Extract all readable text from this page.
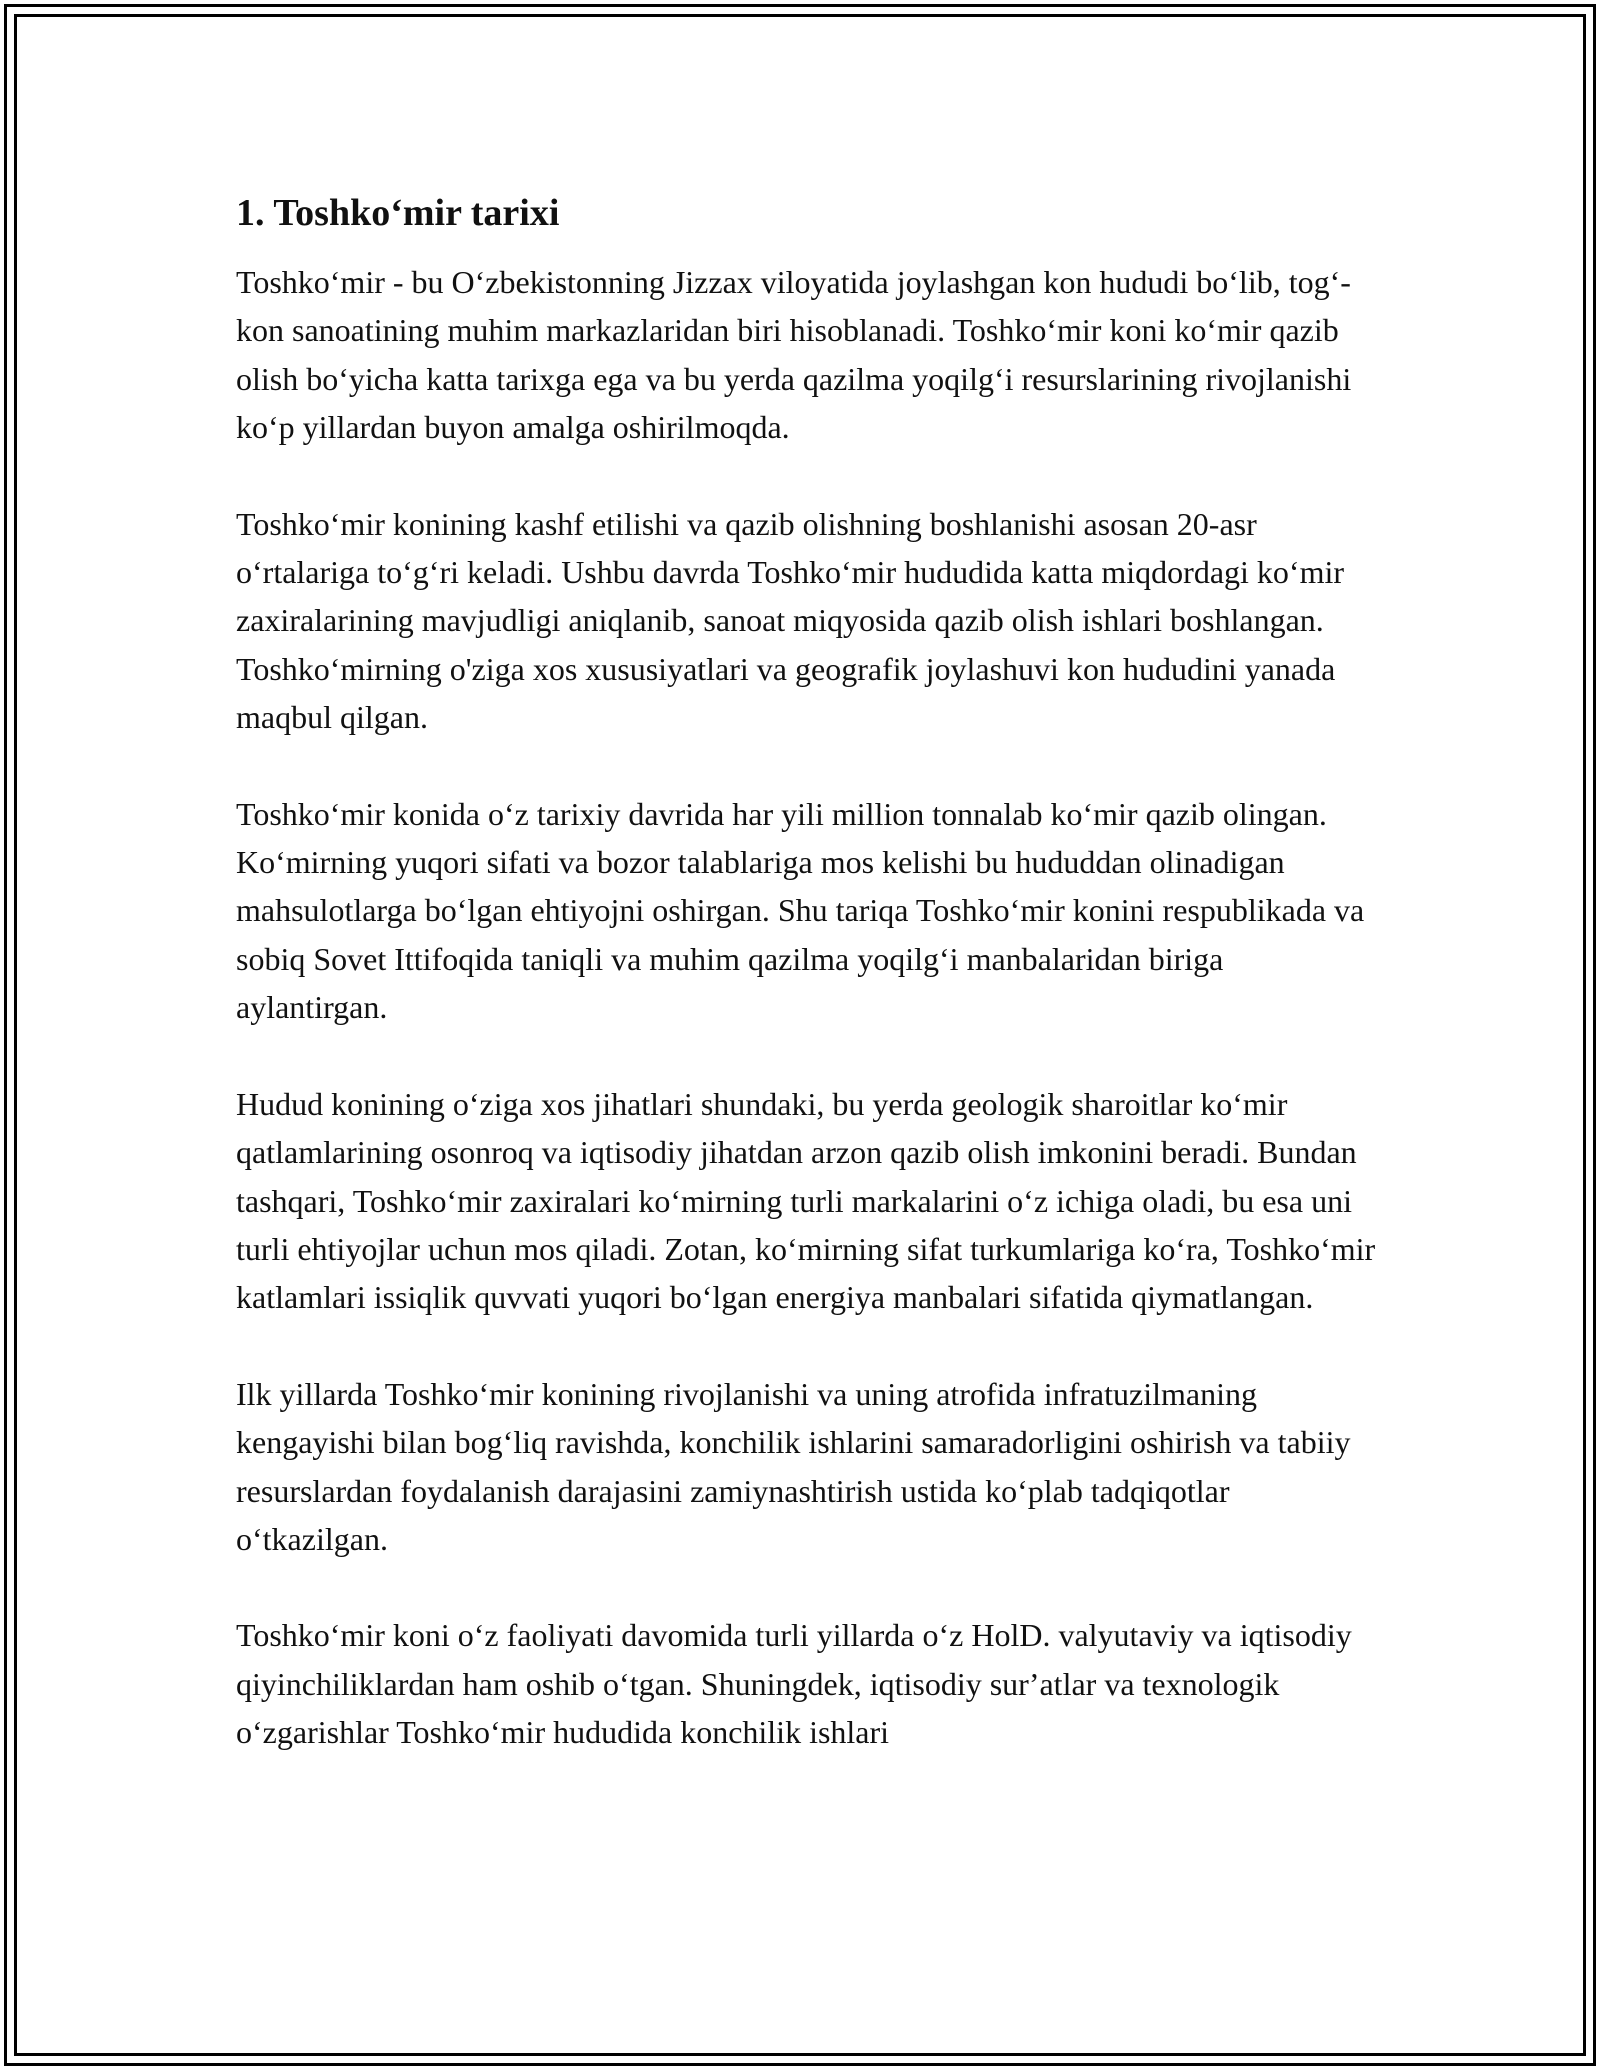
1. Toshkoʻmir tarixi

Toshkoʻmir - bu Oʻzbekistonning Jizzax viloyatida joylashgan kon hududi boʻlib, togʻ-kon sanoatining muhim markazlaridan biri hisoblanadi. Toshkoʻmir koni koʻmir qazib olish boʻyicha katta tarixga ega va bu yerda qazilma yoqilgʻi resurslarining rivojlanishi koʻp yillardan buyon amalga oshirilmoqda.

Toshkoʻmir konining kashf etilishi va qazib olishning boshlanishi asosan 20-asr oʻrtalariga toʻgʻri keladi. Ushbu davrda Toshkoʻmir hududida katta miqdordagi koʻmir zaxiralarining mavjudligi aniqlanib, sanoat miqyosida qazib olish ishlari boshlangan. Toshkoʻmirning o'ziga xos xususiyatlari va geografik joylashuvi kon hududini yanada maqbul qilgan.

Toshkoʻmir konida oʻz tarixiy davrida har yili million tonnalab koʻmir qazib olingan. Koʻmirning yuqori sifati va bozor talablariga mos kelishi bu hududdan olinadigan mahsulotlarga boʻlgan ehtiyojni oshirgan. Shu tariqa Toshkoʻmir konini respublikada va sobiq Sovet Ittifoqida taniqli va muhim qazilma yoqilgʻi manbalaridan biriga aylantirgan.

Hudud konining oʻziga xos jihatlari shundaki, bu yerda geologik sharoitlar koʻmir qatlamlarining osonroq va iqtisodiy jihatdan arzon qazib olish imkonini beradi. Bundan tashqari, Toshkoʻmir zaxiralari koʻmirning turli markalarini oʻz ichiga oladi, bu esa uni turli ehtiyojlar uchun mos qiladi. Zotan, koʻmirning sifat turkumlariga koʻra, Toshkoʻmir katlamlari issiqlik quvvati yuqori boʻlgan energiya manbalari sifatida qiymatlangan.

Ilk yillarda Toshkoʻmir konining rivojlanishi va uning atrofida infratuzilmaning kengayishi bilan bogʻliq ravishda, konchilik ishlarini samaradorligini oshirish va tabiiy resurslardan foydalanish darajasini zamiynashtirish ustida koʻplab tadqiqotlar oʻtkazilgan.

Toshkoʻmir koni oʻz faoliyati davomida turli yillarda oʻz HolD. valyutaviy va iqtisodiy qiyinchiliklardan ham oshib oʻtgan. Shuningdek, iqtisodiy surʼatlar va texnologik oʻzgarishlar Toshkoʻmir hududida konchilik ishlari
